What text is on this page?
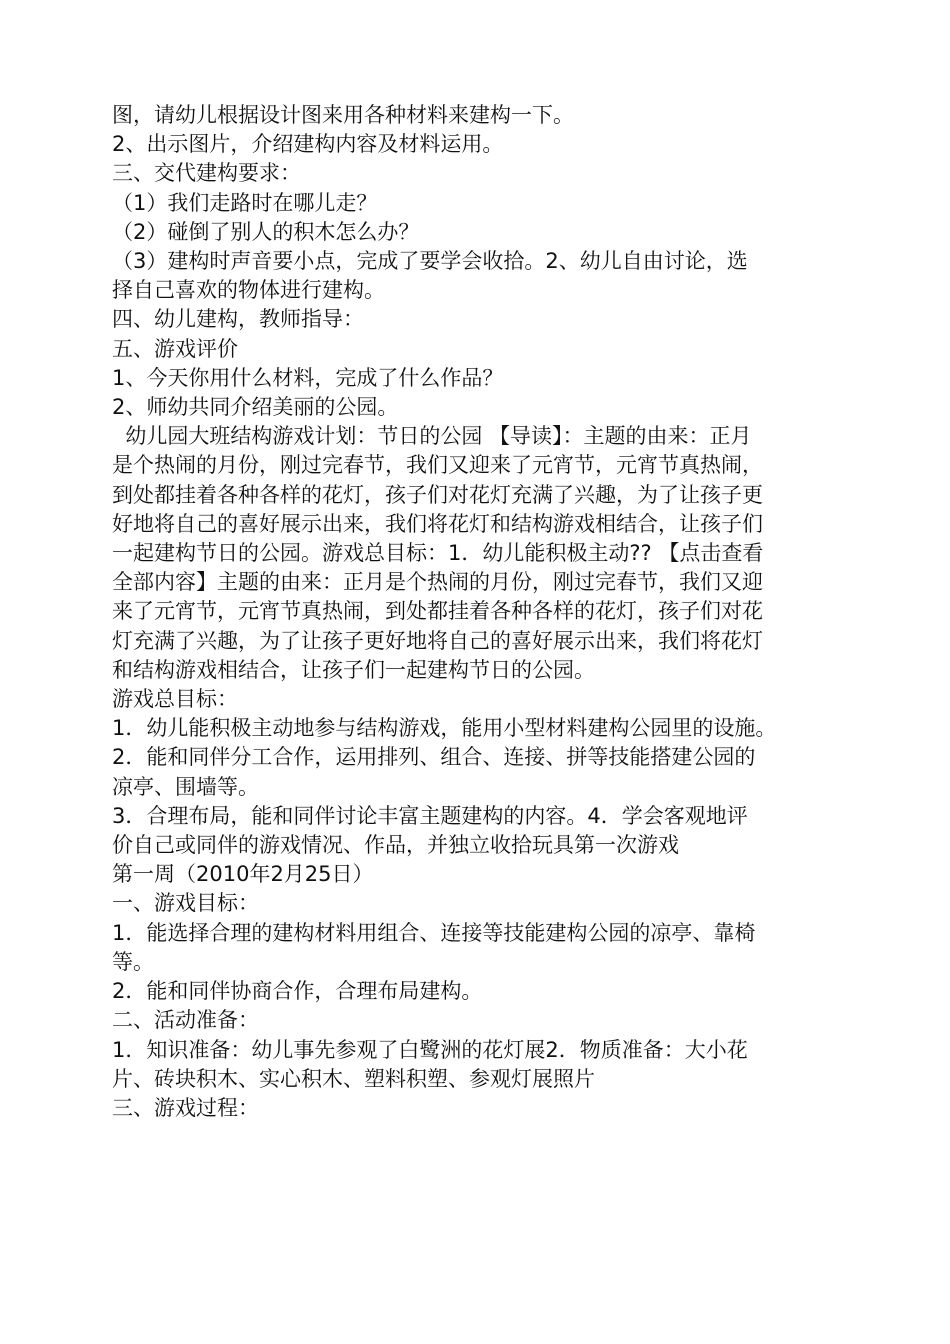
图，请幼儿根据设计图来用各种材料来建构一下。
2、出示图片，介绍建构内容及材料运用。
三、交代建构要求：
（1）我们走路时在哪儿走？
（2）碰倒了别人的积木怎么办？
（3）建构时声音要小点，完成了要学会收拾。2、幼儿自由讨论，选
择自己喜欢的物体进行建构。
四、幼儿建构，教师指导：
五、游戏评价
1、今天你用什么材料，完成了什么作品？
2、师幼共同介绍美丽的公园。
幼儿园大班结构游戏计划：节日的公园 【导读】：主题的由来：正月
是个热闹的月份，刚过完春节，我们又迎来了元宵节，元宵节真热闹，
到处都挂着各种各样的花灯，孩子们对花灯充满了兴趣，为了让孩子更
好地将自己的喜好展示出来，我们将花灯和结构游戏相结合，让孩子们
一起建构节日的公园。游戏总目标：1．幼儿能积极主动?? 【点击查看
全部内容】主题的由来：正月是个热闹的月份，刚过完春节，我们又迎
来了元宵节，元宵节真热闹，到处都挂着各种各样的花灯，孩子们对花
灯充满了兴趣，为了让孩子更好地将自己的喜好展示出来，我们将花灯
和结构游戏相结合，让孩子们一起建构节日的公园。
游戏总目标：
1．幼儿能积极主动地参与结构游戏，能用小型材料建构公园里的设施。
2．能和同伴分工合作，运用排列、组合、连接、拼等技能搭建公园的
凉亭、围墙等。
3．合理布局，能和同伴讨论丰富主题建构的内容。4．学会客观地评
价自己或同伴的游戏情况、作品，并独立收拾玩具第一次游戏
第一周（2010年2月25日）
一、游戏目标：
1．能选择合理的建构材料用组合、连接等技能建构公园的凉亭、靠椅
等。
2．能和同伴协商合作，合理布局建构。
二、活动准备：
1．知识准备：幼儿事先参观了白鹭洲的花灯展2．物质准备：大小花
片、砖块积木、实心积木、塑料积塑、参观灯展照片
三、游戏过程：
